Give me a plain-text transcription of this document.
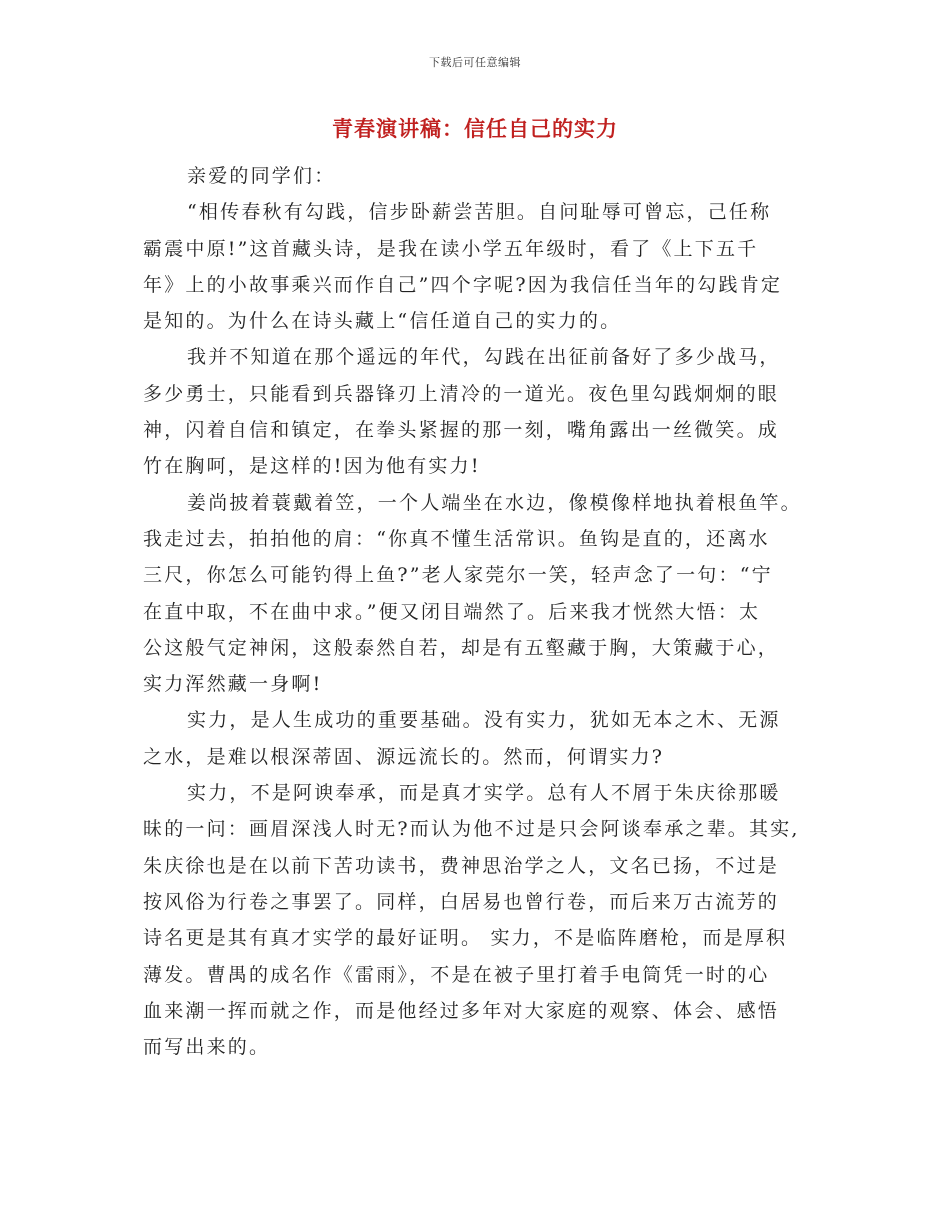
下载后可任意编辑
青春演讲稿：信任自己的实力
亲爱的同学们：
“相传春秋有勾践，信步卧薪尝苦胆。自问耻辱可曾忘，己任称
霸震中原!”这首藏头诗，是我在读小学五年级时，看了《上下五千
年》上的小故事乘兴而作自己”四个字呢?因为我信任当年的勾践肯定
是知的。为什么在诗头藏上“信任道自己的实力的。
我并不知道在那个遥远的年代，勾践在出征前备好了多少战马，
多少勇士，只能看到兵器锋刃上清冷的一道光。夜色里勾践炯炯的眼
神，闪着自信和镇定，在拳头紧握的那一刻，嘴角露出一丝微笑。成
竹在胸呵，是这样的!因为他有实力!
姜尚披着蓑戴着笠，一个人端坐在水边，像模像样地执着根鱼竿。
我走过去，拍拍他的肩：“你真不懂生活常识。鱼钩是直的，还离水
三尺，你怎么可能钓得上鱼?”老人家莞尔一笑，轻声念了一句：“宁
在直中取，不在曲中求。”便又闭目端然了。后来我才恍然大悟：太
公这般气定神闲，这般泰然自若，却是有五壑藏于胸，大策藏于心，
实力浑然藏一身啊!
实力，是人生成功的重要基础。没有实力，犹如无本之木、无源
之水，是难以根深蒂固、源远流长的。然而，何谓实力?
实力，不是阿谀奉承，而是真才实学。总有人不屑于朱庆徐那暖
昧的一问：画眉深浅人时无?而认为他不过是只会阿谈奉承之辈。其实,
朱庆徐也是在以前下苦功读书，费神思治学之人，文名已扬，不过是
按风俗为行卷之事罢了。同样，白居易也曾行卷，而后来万古流芳的
诗名更是其有真才实学的最好证明。 实力，不是临阵磨枪，而是厚积
薄发。曹禺的成名作《雷雨》，不是在被子里打着手电筒凭一时的心
血来潮一挥而就之作，而是他经过多年对大家庭的观察、体会、感悟
而写出来的。
